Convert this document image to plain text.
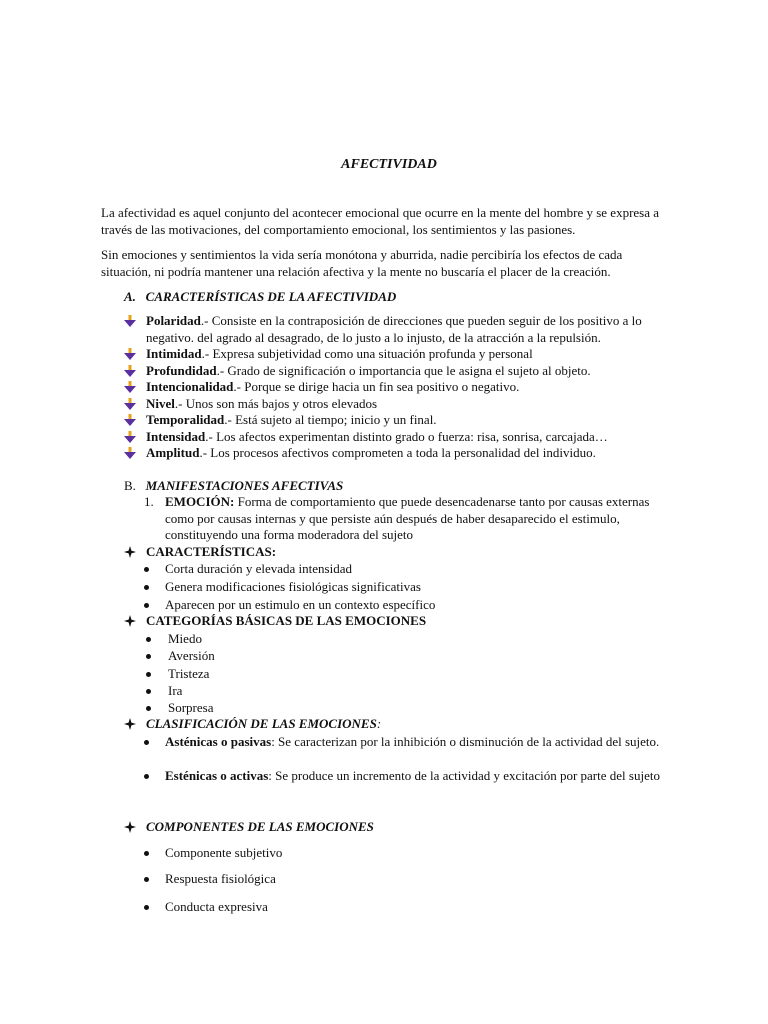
AFECTIVIDAD

La afectividad es aquel conjunto del acontecer emocional que ocurre en la mente del hombre y se expresa a través de las motivaciones, del comportamiento emocional, los sentimientos y las pasiones.

Sin emociones y sentimientos la vida sería monótona y aburrida, nadie percibiría los efectos de cada situación, ni podría mantener una relación afectiva y la mente no buscaría el placer de la creación.

A. CARACTERÍSTICAS DE LA AFECTIVIDAD
Polaridad.- Consiste en la contraposición de direcciones que pueden seguir de los positivo a lo negativo. del agrado al desagrado, de lo justo a lo injusto, de la atracción a la repulsión.
Intimidad.- Expresa subjetividad como una situación profunda y personal
Profundidad.- Grado de significación o importancia que le asigna el sujeto al objeto.
Intencionalidad.- Porque se dirige hacia un fin sea positivo o negativo.
Nivel.- Unos son más bajos y otros elevados
Temporalidad.- Está sujeto al tiempo; inicio y un final.
Intensidad.- Los afectos experimentan distinto grado o fuerza: risa, sonrisa, carcajada…
Amplitud.- Los procesos afectivos comprometen a toda la personalidad del individuo.
B. MANIFESTACIONES AFECTIVAS
1. EMOCIÓN: Forma de comportamiento que puede desencadenarse tanto por causas externas como por causas internas y que persiste aún después de haber desaparecido el estimulo, constituyendo una forma moderadora del sujeto
CARACTERÍSTICAS:
Corta duración y elevada intensidad
Genera modificaciones fisiológicas significativas
Aparecen por un estimulo en un contexto específico
CATEGORÍAS BÁSICAS DE LAS EMOCIONES
Miedo
Aversión
Tristeza
Ira
Sorpresa
CLASIFICACIÓN DE LAS EMOCIONES:
Asténicas o pasivas: Se caracterizan por la inhibición o disminución de la actividad del sujeto.
Esténicas o activas: Se produce un incremento de la actividad y excitación por parte del sujeto
COMPONENTES DE LAS EMOCIONES
Componente subjetivo
Respuesta fisiológica
Conducta expresiva
